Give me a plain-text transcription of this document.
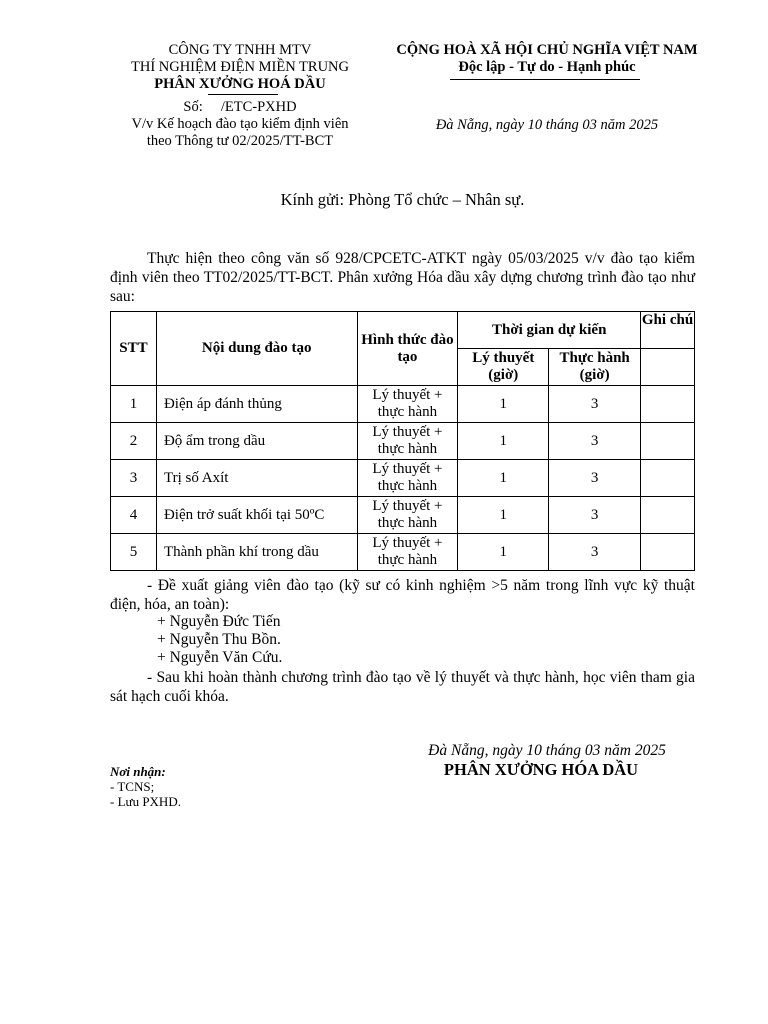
CÔNG TY TNHH MTV
THÍ NGHIỆM ĐIỆN MIỀN TRUNG
PHÂN XƯỞNG HOÁ DẦU
Số:     /ETC-PXHD
V/v Kế hoạch đào tạo kiểm định viên
theo Thông tư 02/2025/TT-BCT
CỘNG HOÀ XÃ HỘI CHỦ NGHĨA VIỆT NAM
Độc lập - Tự do - Hạnh phúc
Đà Nẵng, ngày 10 tháng 03 năm 2025
Kính gửi: Phòng Tổ chức – Nhân sự.
Thực hiện theo công văn số 928/CPCETC-ATKT ngày 05/03/2025 v/v đào tạo kiểm định viên theo TT02/2025/TT-BCT. Phân xưởng Hóa dầu xây dựng chương trình đào tạo như sau:
STT	Nội dung đào tạo	Hình thức đào tạo	Thời gian dự kiến		Ghi chú
			Lý thuyết (giờ)	Thực hành (giờ)	
1	Điện áp đánh thủng	Lý thuyết + thực hành	1	3	
2	Độ ẩm trong dầu	Lý thuyết + thực hành	1	3	
3	Trị số Axít	Lý thuyết + thực hành	1	3	
4	Điện trở suất khối tại 50ºC	Lý thuyết + thực hành	1	3	
5	Thành phần khí trong dầu	Lý thuyết + thực hành	1	3	
- Đề xuất giảng viên đào tạo (kỹ sư có kinh nghiệm >5 năm trong lĩnh vực kỹ thuật điện, hóa, an toàn):
+ Nguyễn Đức Tiến
+ Nguyễn Thu Bồn.
+ Nguyễn Văn Cứu.
- Sau khi hoàn thành chương trình đào tạo về lý thuyết và thực hành, học viên tham gia sát hạch cuối khóa.
Đà Nẵng, ngày 10 tháng 03 năm 2025
PHÂN XƯỞNG HÓA DẦU
Nơi nhận:
- TCNS;
- Lưu PXHD.
